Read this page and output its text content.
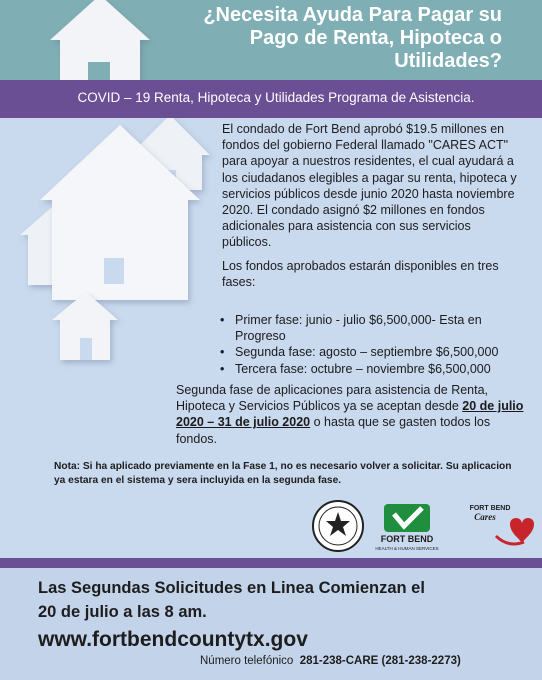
¿Necesita Ayuda Para Pagar su
Pago de Renta, Hipoteca o
Utilidades?
COVID – 19 Renta, Hipoteca y Utilidades Programa de Asistencia.

El condado de Fort Bend aprobó $19.5 millones en fondos del gobierno Federal llamado "CARES ACT" para apoyar a nuestros residentes, el cual ayudará a los ciudadanos elegibles a pagar su renta, hipoteca y servicios públicos desde junio 2020 hasta noviembre 2020. El condado asignó $2 millones en fondos adicionales para asistencia con sus servicios públicos.

Los fondos aprobados estarán disponibles en tres fases:

• Primer fase: junio - julio $6,500,000- Esta en Progreso
• Segunda fase: agosto – septiembre $6,500,000
• Tercera fase: octubre – noviembre $6,500,000
Segunda fase de aplicaciones para asistencia de Renta, Hipoteca y Servicios Públicos ya se aceptan desde 20 de julio 2020 – 31 de julio 2020 o hasta que se gasten todos los fondos.
Nota: Si ha aplicado previamente en la Fase 1, no es necesario volver a solicitar. Su aplicacion ya estara en el sistema y sera incluyida en la segunda fase.
FORT BEND
HEALTH & HUMAN SERVICES
FORT BEND
Cares
Las Segundas Solicitudes en Linea Comienzan el
20 de julio a las 8 am.
www.fortbendcountytx.gov
Número telefónico 281-238-CARE (281-238-2273)
